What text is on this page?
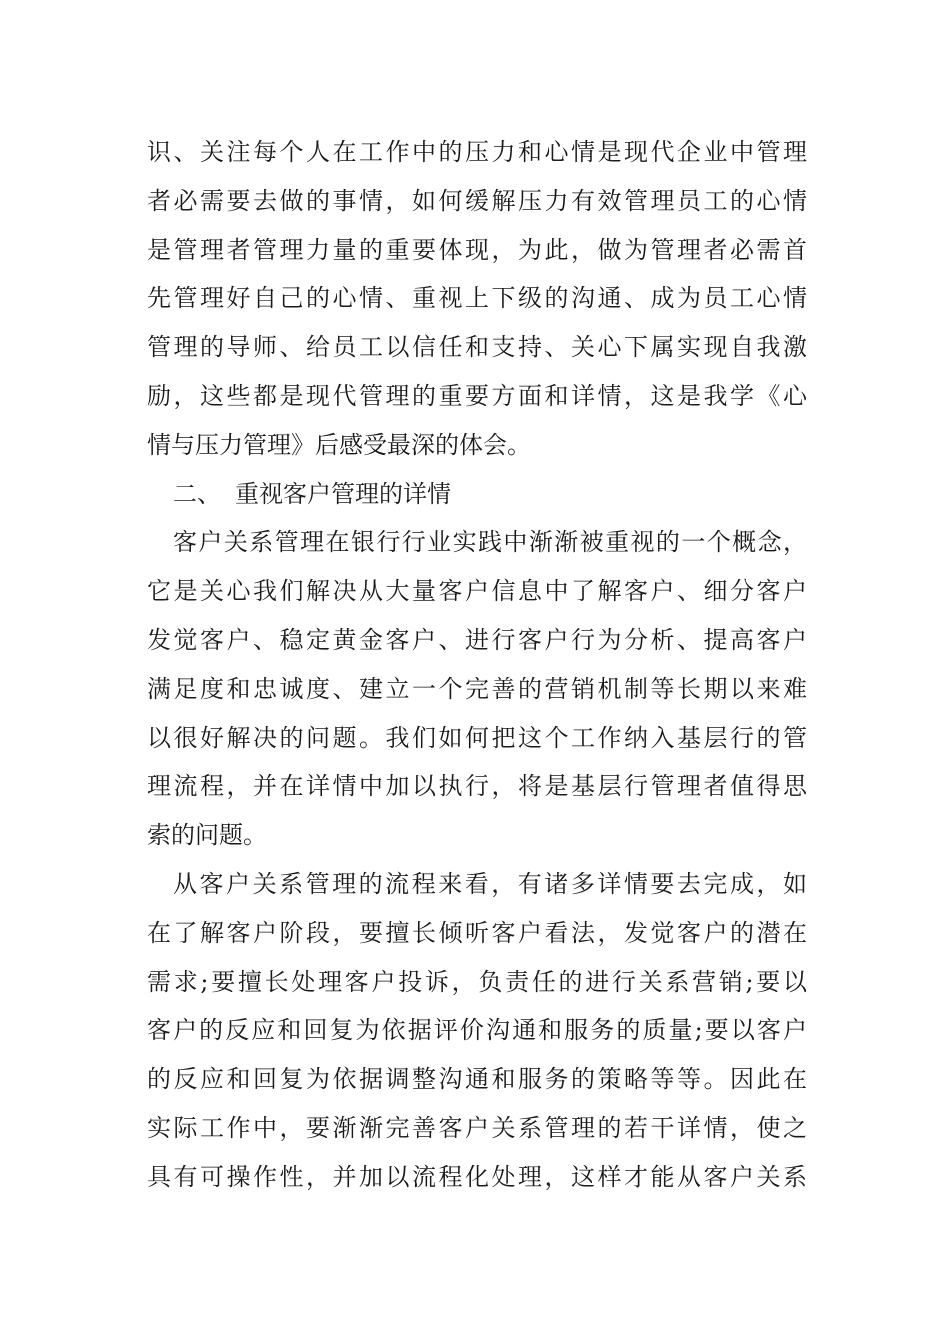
识、关注每个人在工作中的压力和心情是现代企业中管理
者必需要去做的事情，如何缓解压力有效管理员工的心情
是管理者管理力量的重要体现，为此，做为管理者必需首
先管理好自己的心情、重视上下级的沟通、成为员工心情
管理的导师、给员工以信任和支持、关心下属实现自我激
励，这些都是现代管理的重要方面和详情，这是我学《心
情与压力管理》后感受最深的体会。
二、 重视客户管理的详情
客户关系管理在银行行业实践中渐渐被重视的一个概念，
它是关心我们解决从大量客户信息中了解客户、细分客户
发觉客户、稳定黄金客户、进行客户行为分析、提高客户
满足度和忠诚度、建立一个完善的营销机制等长期以来难
以很好解决的问题。我们如何把这个工作纳入基层行的管
理流程，并在详情中加以执行，将是基层行管理者值得思
索的问题。
从客户关系管理的流程来看，有诸多详情要去完成，如
在了解客户阶段，要擅长倾听客户看法，发觉客户的潜在
需求;要擅长处理客户投诉，负责任的进行关系营销;要以
客户的反应和回复为依据评价沟通和服务的质量;要以客户
的反应和回复为依据调整沟通和服务的策略等等。因此在
实际工作中，要渐渐完善客户关系管理的若干详情，使之
具有可操作性，并加以流程化处理，这样才能从客户关系
